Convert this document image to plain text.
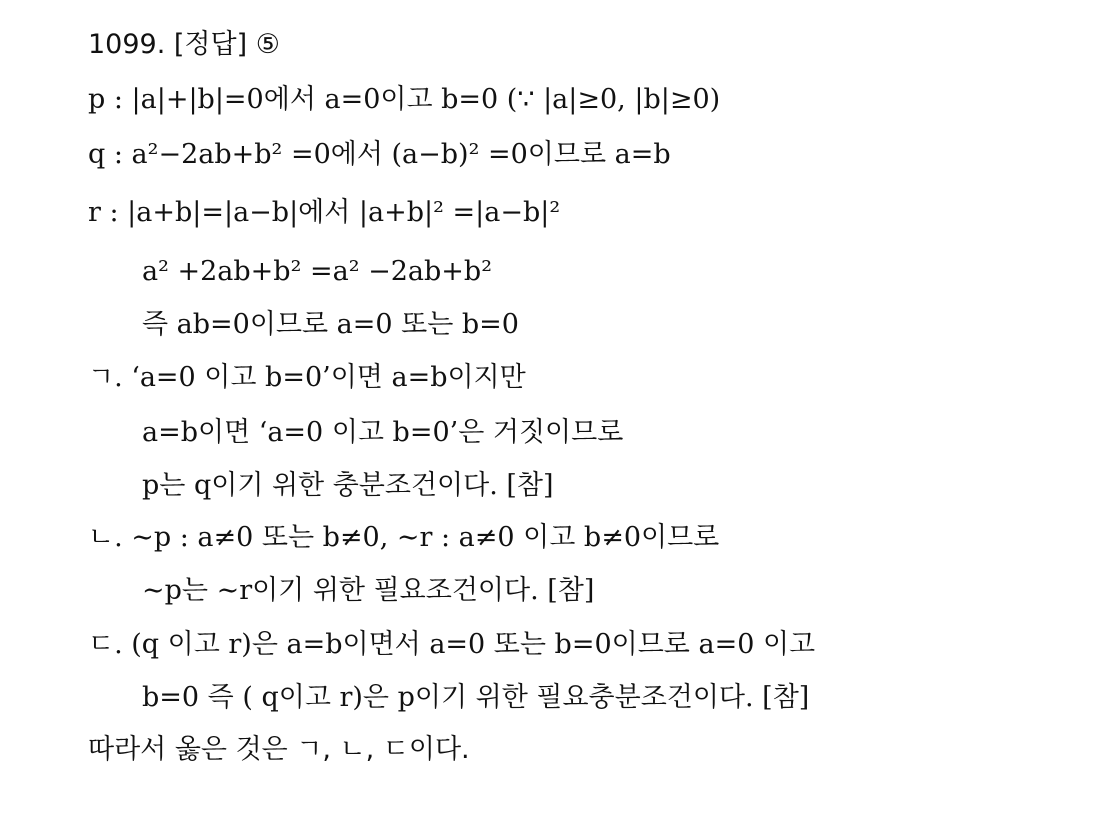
1099. [정답] ⑤
p : |a|+|b|=0에서 a=0이고 b=0 (∵ |a|≥0, |b|≥0)
q : a²−2ab+b² =0에서 (a−b)² =0이므로 a=b
r : |a+b|=|a−b|에서 |a+b|² =|a−b|²
a² +2ab+b² =a² −2ab+b²
즉 ab=0이므로 a=0 또는 b=0
ㄱ. ‘a=0 이고 b=0’이면 a=b이지만
a=b이면 ‘a=0 이고 b=0’은 거짓이므로
p는 q이기 위한 충분조건이다. [참]
ㄴ. ∼p : a≠0 또는 b≠0, ∼r : a≠0 이고 b≠0이므로
∼p는 ∼r이기 위한 필요조건이다. [참]
ㄷ. (q 이고 r)은 a=b이면서 a=0 또는 b=0이므로 a=0 이고
b=0 즉 ( q이고 r)은 p이기 위한 필요충분조건이다. [참]
따라서 옳은 것은 ㄱ, ㄴ, ㄷ이다.
